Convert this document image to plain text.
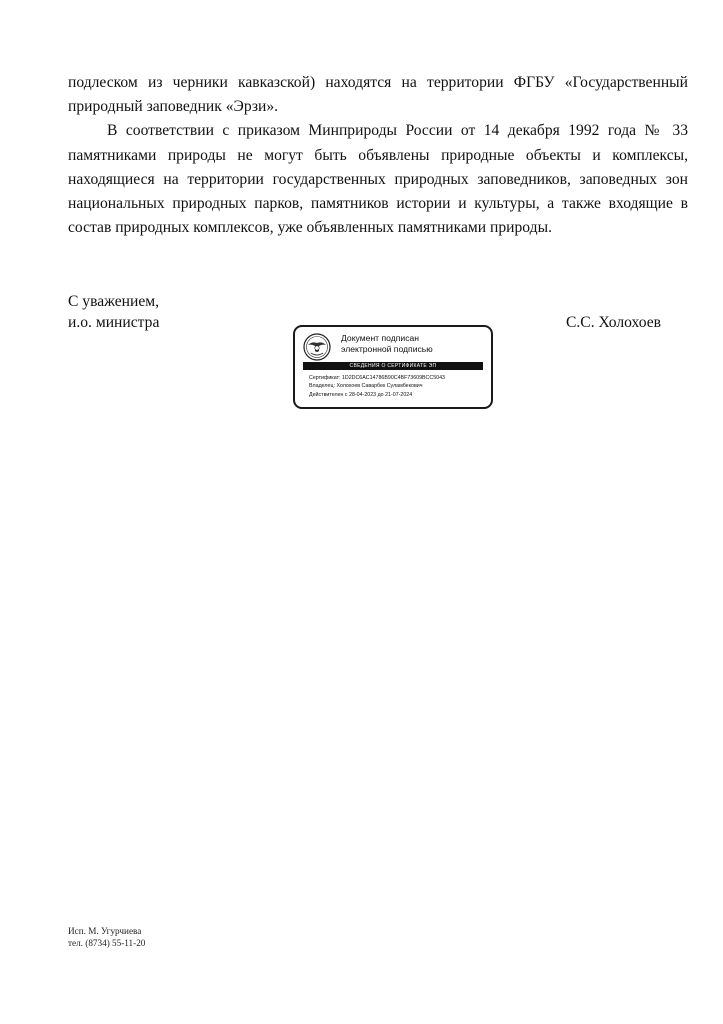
подлеском из черники кавказской) находятся на территории ФГБУ «Государственный природный заповедник «Эрзи».

В соответствии с приказом Минприроды России от 14 декабря 1992 года № 33 памятниками природы не могут быть объявлены природные объекты и комплексы, находящиеся на территории государственных природных заповедников, заповедных зон национальных природных парков, памятников истории и культуры, а также входящие в состав природных комплексов, уже объявленных памятниками природы.

С уважением,
и.о. министра	С.С. Холохоев
Документ подписан
электронной подписью
СВЕДЕНИЯ О СЕРТИФИКАТЕ ЭП
Сертификат: 1D2DC6AC14786B90C4BF73609BCC5043
Владелец: Холохоев Саварбек Суламбекович
Действителен с 28-04-2023 до 21-07-2024
Исп. М. Угурчиева
тел. (8734) 55-11-20
